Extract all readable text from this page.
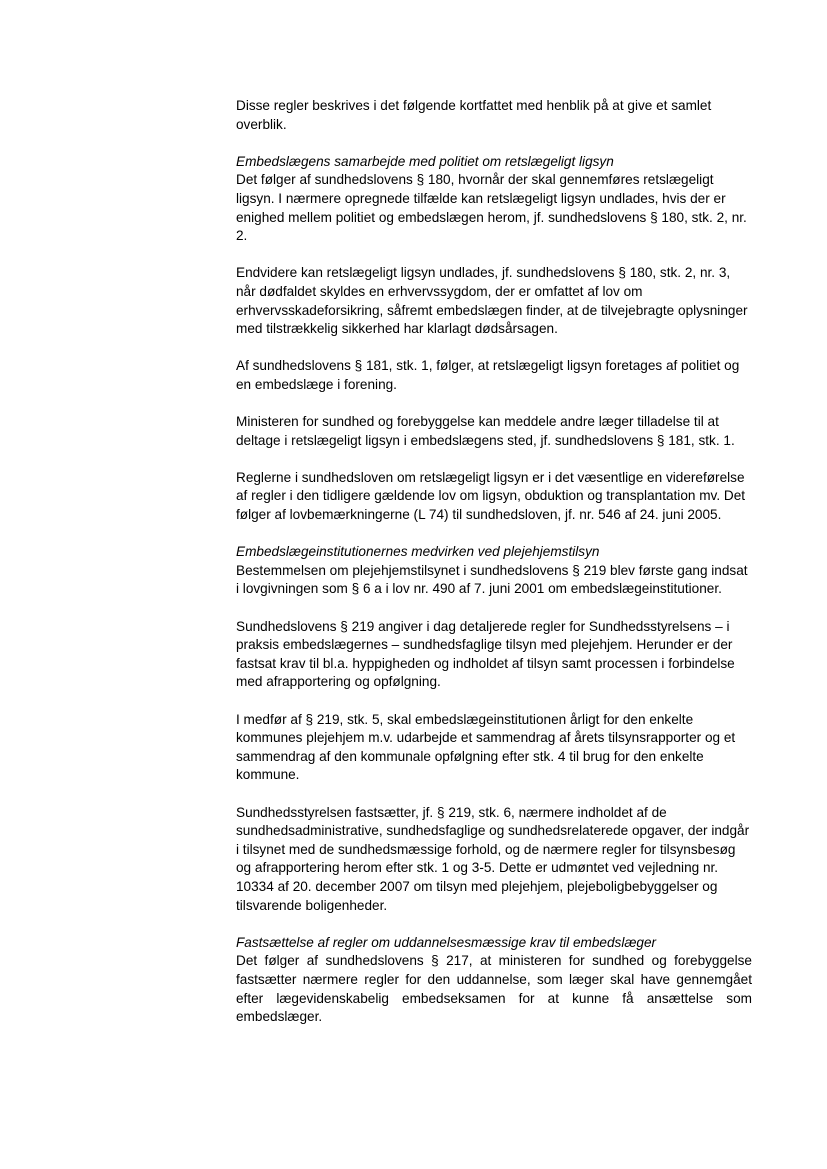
Disse regler beskrives i det følgende kortfattet med henblik på at give et samlet overblik.

Embedslægens samarbejde med politiet om retslægeligt ligsyn

Det følger af sundhedslovens § 180, hvornår der skal gennemføres retslægeligt ligsyn. I nærmere opregnede tilfælde kan retslægeligt ligsyn undlades, hvis der er enighed mellem politiet og embedslægen herom, jf. sundhedslovens § 180, stk. 2, nr. 2.

Endvidere kan retslægeligt ligsyn undlades, jf. sundhedslovens § 180, stk. 2, nr. 3, når dødfaldet skyldes en erhvervssygdom, der er omfattet af lov om erhvervsskadeforsikring, såfremt embedslægen finder, at de tilvejebragte oplysninger med tilstrækkelig sikkerhed har klarlagt dødsårsagen.

Af sundhedslovens § 181, stk. 1, følger, at retslægeligt ligsyn foretages af politiet og en embedslæge i forening.

Ministeren for sundhed og forebyggelse kan meddele andre læger tilladelse til at deltage i retslægeligt ligsyn i embedslægens sted, jf. sundhedslovens § 181, stk. 1.

Reglerne i sundhedsloven om retslægeligt ligsyn er i det væsentlige en videreførelse af regler i den tidligere gældende lov om ligsyn, obduktion og transplantation mv. Det følger af lovbemærkningerne (L 74) til sundhedsloven, jf. nr. 546 af 24. juni 2005.

Embedslægeinstitutionernes medvirken ved plejehjemstilsyn

Bestemmelsen om plejehjemstilsynet i sundhedslovens § 219 blev første gang indsat i lovgivningen som § 6 a i lov nr. 490 af 7. juni 2001 om embedslægeinstitutioner.

Sundhedslovens § 219 angiver i dag detaljerede regler for Sundhedsstyrelsens – i praksis embedslægernes – sundhedsfaglige tilsyn med plejehjem. Herunder er der fastsat krav til bl.a. hyppigheden og indholdet af tilsyn samt processen i forbindelse med afrapportering og opfølgning.

I medfør af § 219, stk. 5, skal embedslægeinstitutionen årligt for den enkelte kommunes plejehjem m.v. udarbejde et sammendrag af årets tilsynsrapporter og et sammendrag af den kommunale opfølgning efter stk. 4 til brug for den enkelte kommune.

Sundhedsstyrelsen fastsætter, jf. § 219, stk. 6, nærmere indholdet af de sundhedsadministrative, sundhedsfaglige og sundhedsrelaterede opgaver, der indgår i tilsynet med de sundhedsmæssige forhold, og de nærmere regler for tilsynsbesøg og afrapportering herom efter stk. 1 og 3-5. Dette er udmøntet ved vejledning nr. 10334 af 20. december 2007 om tilsyn med plejehjem, plejeboligbebyggelser og tilsvarende boligenheder.

Fastsættelse af regler om uddannelsesmæssige krav til embedslæger

Det følger af sundhedslovens § 217, at ministeren for sundhed og forebyggelse fastsætter nærmere regler for den uddannelse, som læger skal have gennemgået efter lægevidenskabelig embedseksamen for at kunne få ansættelse som embedslæger.
